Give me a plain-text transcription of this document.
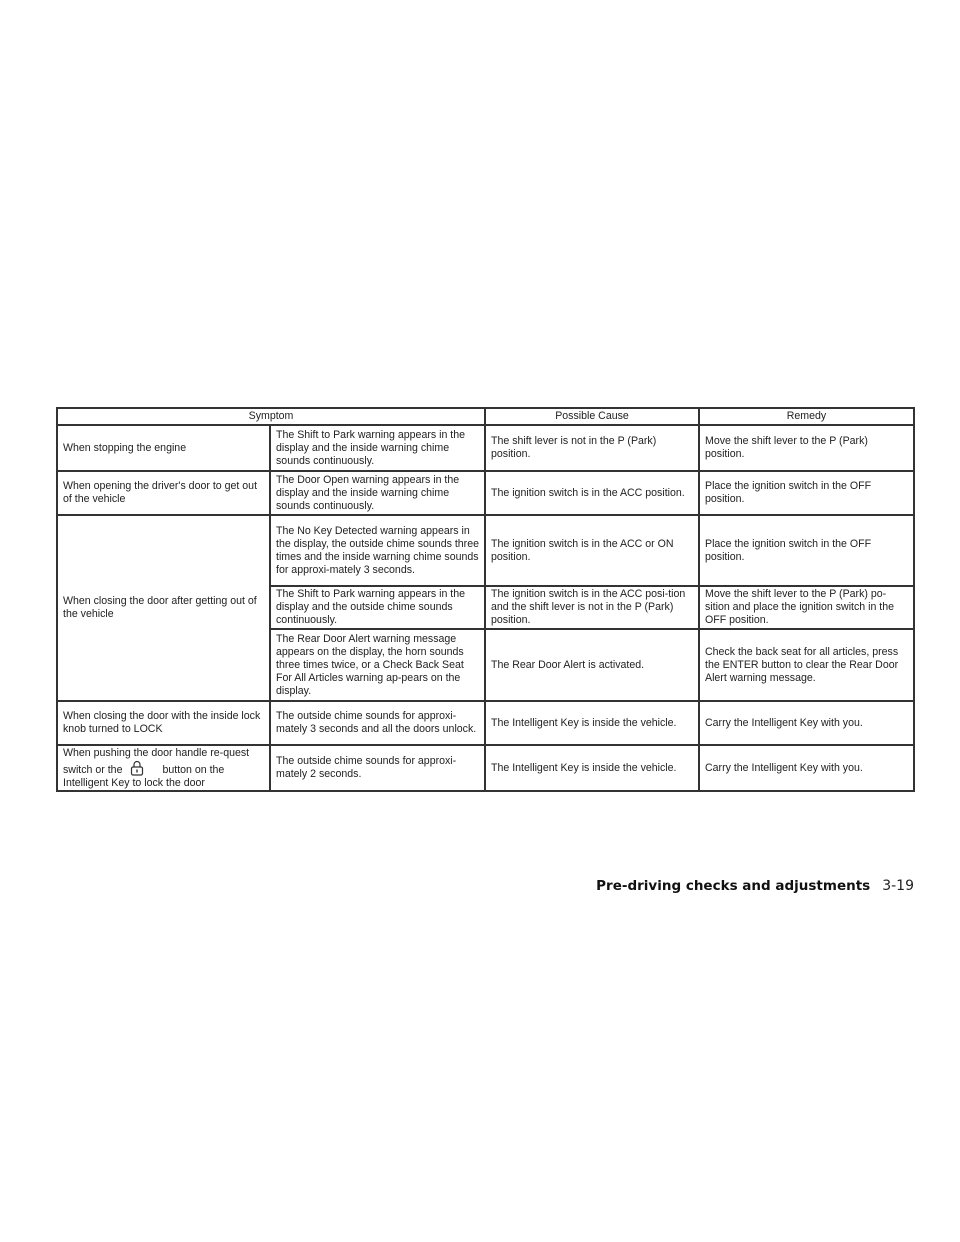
Symptom		Possible Cause	Remedy
When stopping the engine	The Shift to Park warning appears in the display and the inside warning chime sounds continuously.	The shift lever is not in the P (Park) position.	Move the shift lever to the P (Park) position.
When opening the driver's door to get out of the vehicle	The Door Open warning appears in the display and the inside warning chime sounds continuously.	The ignition switch is in the ACC position.	Place the ignition switch in the OFF position.
When closing the door after getting out of the vehicle	The No Key Detected warning appears in the display, the outside chime sounds three times and the inside warning chime sounds for approxi-mately 3 seconds.	The ignition switch is in the ACC or ON position.	Place the ignition switch in the OFF position.
	The Shift to Park warning appears in the display and the outside chime sounds continuously.	The ignition switch is in the ACC posi-tion and the shift lever is not in the P (Park) position.	Move the shift lever to the P (Park) po-sition and place the ignition switch in the OFF position.
	The Rear Door Alert warning message appears on the display, the horn sounds three times twice, or a Check Back Seat For All Articles warning ap-pears on the display.	The Rear Door Alert is activated.	Check the back seat for all articles, press the ENTER button to clear the Rear Door Alert warning message.
When closing the door with the inside lock knob turned to LOCK	The outside chime sounds for approxi-mately 3 seconds and all the doors unlock.	The Intelligent Key is inside the vehicle.	Carry the Intelligent Key with you.
When pushing the door handle re-quest switch or the button on the Intelligent Key to lock the door	The outside chime sounds for approxi-mately 2 seconds.	The Intelligent Key is inside the vehicle.	Carry the Intelligent Key with you.
Pre-driving checks and adjustments 3-19
